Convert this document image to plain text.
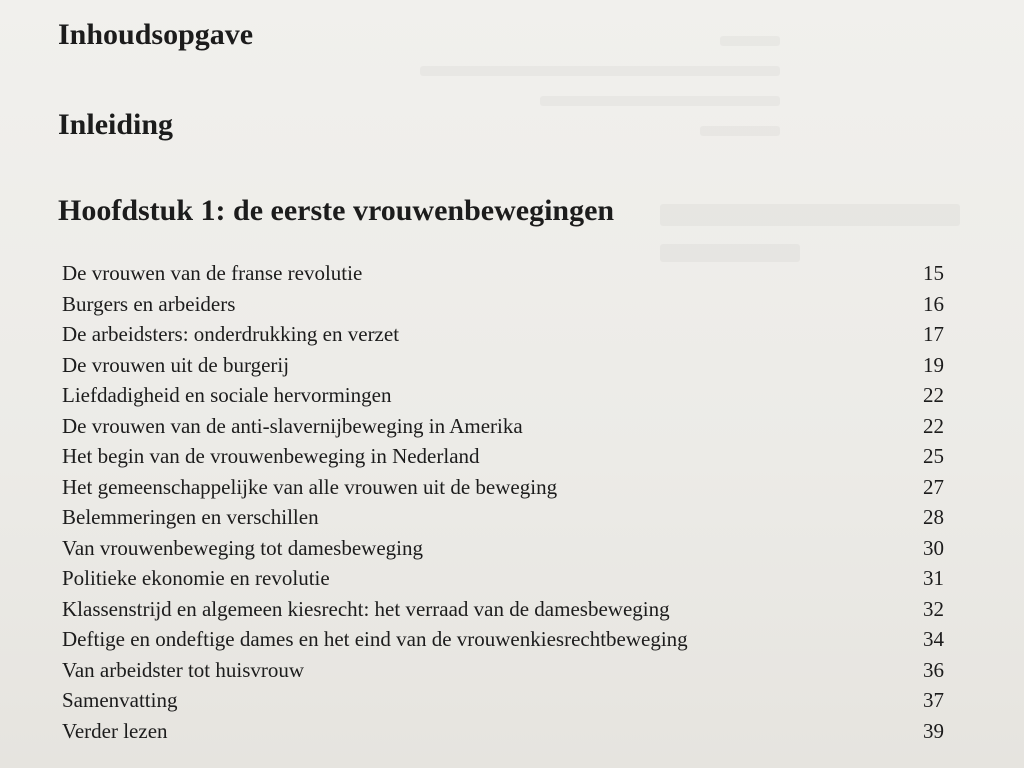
Inhoudsopgave
Inleiding
Hoofdstuk 1: de eerste vrouwenbewegingen
De vrouwen van de franse revolutie	15
Burgers en arbeiders	16
De arbeidsters: onderdrukking en verzet	17
De vrouwen uit de burgerij	19
Liefdadigheid en sociale hervormingen	22
De vrouwen van de anti-slavernijbeweging in Amerika	22
Het begin van de vrouwenbeweging in Nederland	25
Het gemeenschappelijke van alle vrouwen uit de beweging	27
Belemmeringen en verschillen	28
Van vrouwenbeweging tot damesbeweging	30
Politieke ekonomie en revolutie	31
Klassenstrijd en algemeen kiesrecht: het verraad van de damesbeweging	32
Deftige en ondeftige dames en het eind van de vrouwenkiesrechtbeweging	34
Van arbeidster tot huisvrouw	36
Samenvatting	37
Verder lezen	39
